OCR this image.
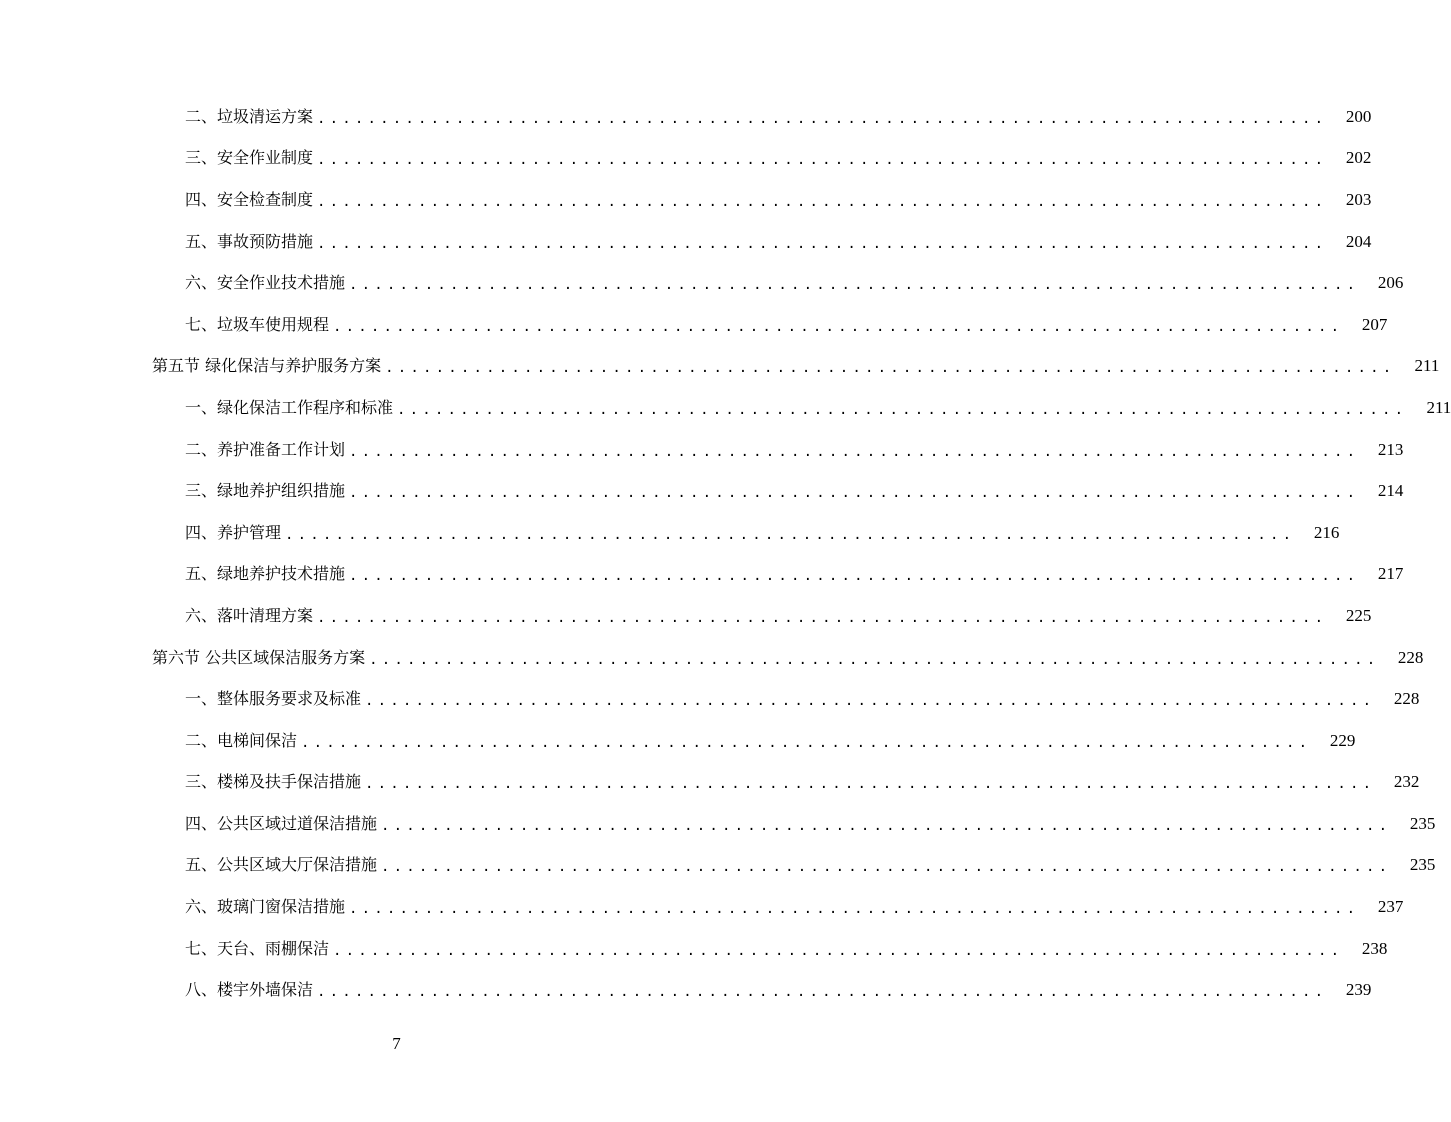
二、垃圾清运方案 ................................................................................	200
三、安全作业制度 ................................................................................	202
四、安全检查制度 ................................................................................	203
五、事故预防措施 ................................................................................	204
六、安全作业技术措施 ................................................................................	206
七、垃圾车使用规程 ................................................................................	207
第五节 绿化保洁与养护服务方案 ................................................................................	211
一、绿化保洁工作程序和标准 ................................................................................	211
二、养护准备工作计划 ................................................................................	213
三、绿地养护组织措施 ................................................................................	214
四、养护管理 ................................................................................	216
五、绿地养护技术措施 ................................................................................	217
六、落叶清理方案 ................................................................................	225
第六节 公共区域保洁服务方案 ................................................................................	228
一、整体服务要求及标准 ................................................................................	228
二、电梯间保洁 ................................................................................	229
三、楼梯及扶手保洁措施 ................................................................................	232
四、公共区域过道保洁措施 ................................................................................	235
五、公共区域大厅保洁措施 ................................................................................	235
六、玻璃门窗保洁措施 ................................................................................	237
七、天台、雨棚保洁 ................................................................................	238
八、楼宇外墙保洁 ................................................................................	239
7
